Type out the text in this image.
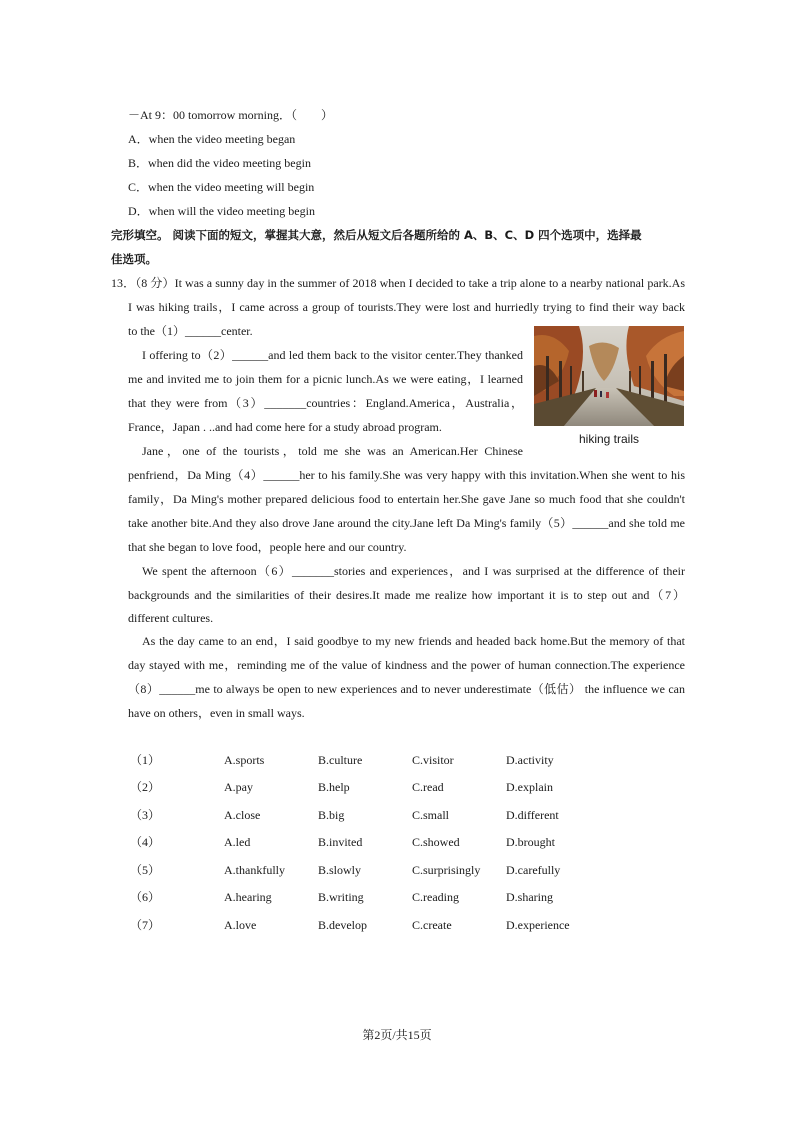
－At 9：00 tomorrow morning．（　　）
A．when the video meeting began
B．when did the video meeting begin
C．when the video meeting will begin
D．when will the video meeting begin
完形填空。 阅读下面的短文，掌握其大意，然后从短文后各题所给的 A、B、C、D 四个选项中，选择最
佳选项。
13．（8 分）It was a sunny day in the summer of 2018 when I decided to take a trip alone to a nearby national park.As
I was hiking trails，I came across a group of tourists.They were lost and hurriedly trying to find their way back
to the（1）______center.
I offering to（2）______and led them back to the visitor center.They thanked
me and invited me to join them for a picnic lunch.As we were eating，I learned
that they were from（3）_______countries：England.America，Australia，
France，Japan . ..and had come here for a study abroad program.
Jane，one of the tourists，told me she was an American.Her Chinese
penfriend，Da Ming（4）______her to his family.She was very happy with this invitation.When she went to his
family，Da Ming's mother prepared delicious food to entertain her.She gave Jane so much food that she couldn't
take another bite.And they also drove Jane around the city.Jane left Da Ming's family（5）______and she told me
that she began to love food，people here and our country.
We spent the afternoon（6）_______stories and experiences，and I was surprised at the difference of their
backgrounds and the similarities of their desires.It made me realize how important it is to step out and（7）
different cultures.
As the day came to an end，I said goodbye to my new friends and headed back home.But the memory of that
day stayed with me，reminding me of the value of kindness and the power of human connection.The experience
（8）______me to always be open to new experiences and to never underestimate（低估） the influence we can
have on others，even in small ways.
hiking trails
（1）	A.sports	B.culture	C.visitor	D.activity
（2）	A.pay	B.help	C.read	D.explain
（3）	A.close	B.big	C.small	D.different
（4）	A.led	B.invited	C.showed	D.brought
（5）	A.thankfully	B.slowly	C.surprisingly D.carefully
（6）	A.hearing	B.writing	C.reading	D.sharing
（7）	A.love	B.develop	C.create	D.experience
第2页/共15页
